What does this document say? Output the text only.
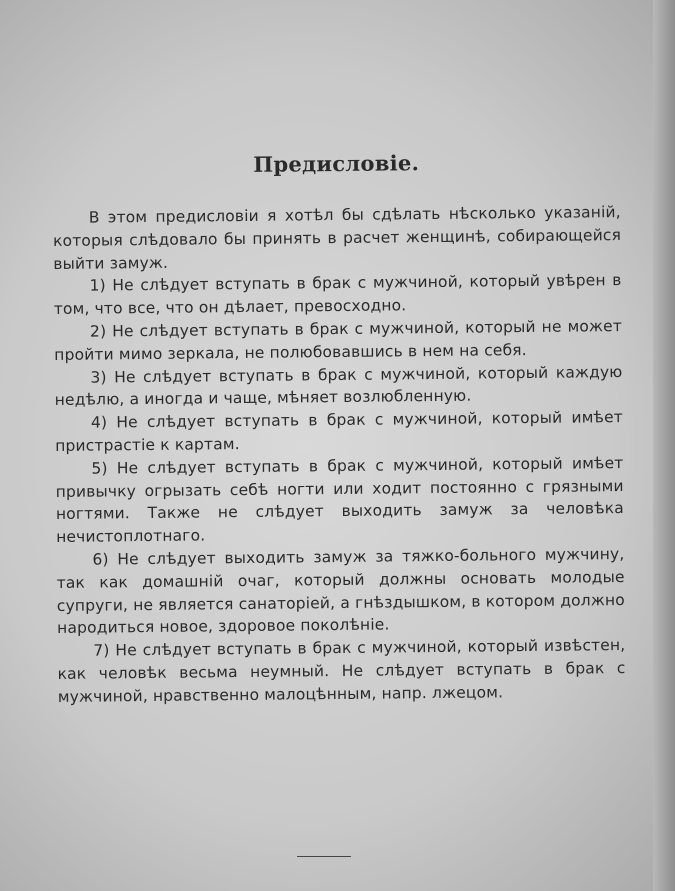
Предисловіе.

В этом предисловіи я хотѣл бы сдѣлать нѣсколько указаній, которыя слѣдовало бы принять в расчет женщинѣ, собирающейся выйти замуж.

1) Не слѣдует вступать в брак с мужчиной, который увѣрен в том, что все, что он дѣлает, превосходно.

2) Не слѣдует вступать в брак с мужчиной, который не может пройти мимо зеркала, не полюбовавшись в нем на себя.

3) Не слѣдует вступать в брак с мужчиной, который каждую недѣлю, а иногда и чаще, мѣняет возлюбленную.

4) Не слѣдует вступать в брак с мужчиной, который имѣет пристрастіе к картам.

5) Не слѣдует вступать в брак с мужчиной, который имѣет привычку огрызать себѣ ногти или ходит постоянно с грязными ногтями. Также не слѣдует выходить замуж за человѣка нечистоплотнаго.

6) Не слѣдует выходить замуж за тяжко-больного мужчину, так как домашній очаг, который должны основать молодые супруги, не является санаторіей, а гнѣздышком, в котором должно народиться новое, здоровое поколѣніе.

7) Не слѣдует вступать в брак с мужчиной, который извѣстен, как человѣк весьма неумный. Не слѣдует вступать в брак с мужчиной, нравственно малоцѣнным, напр. лжецом.
